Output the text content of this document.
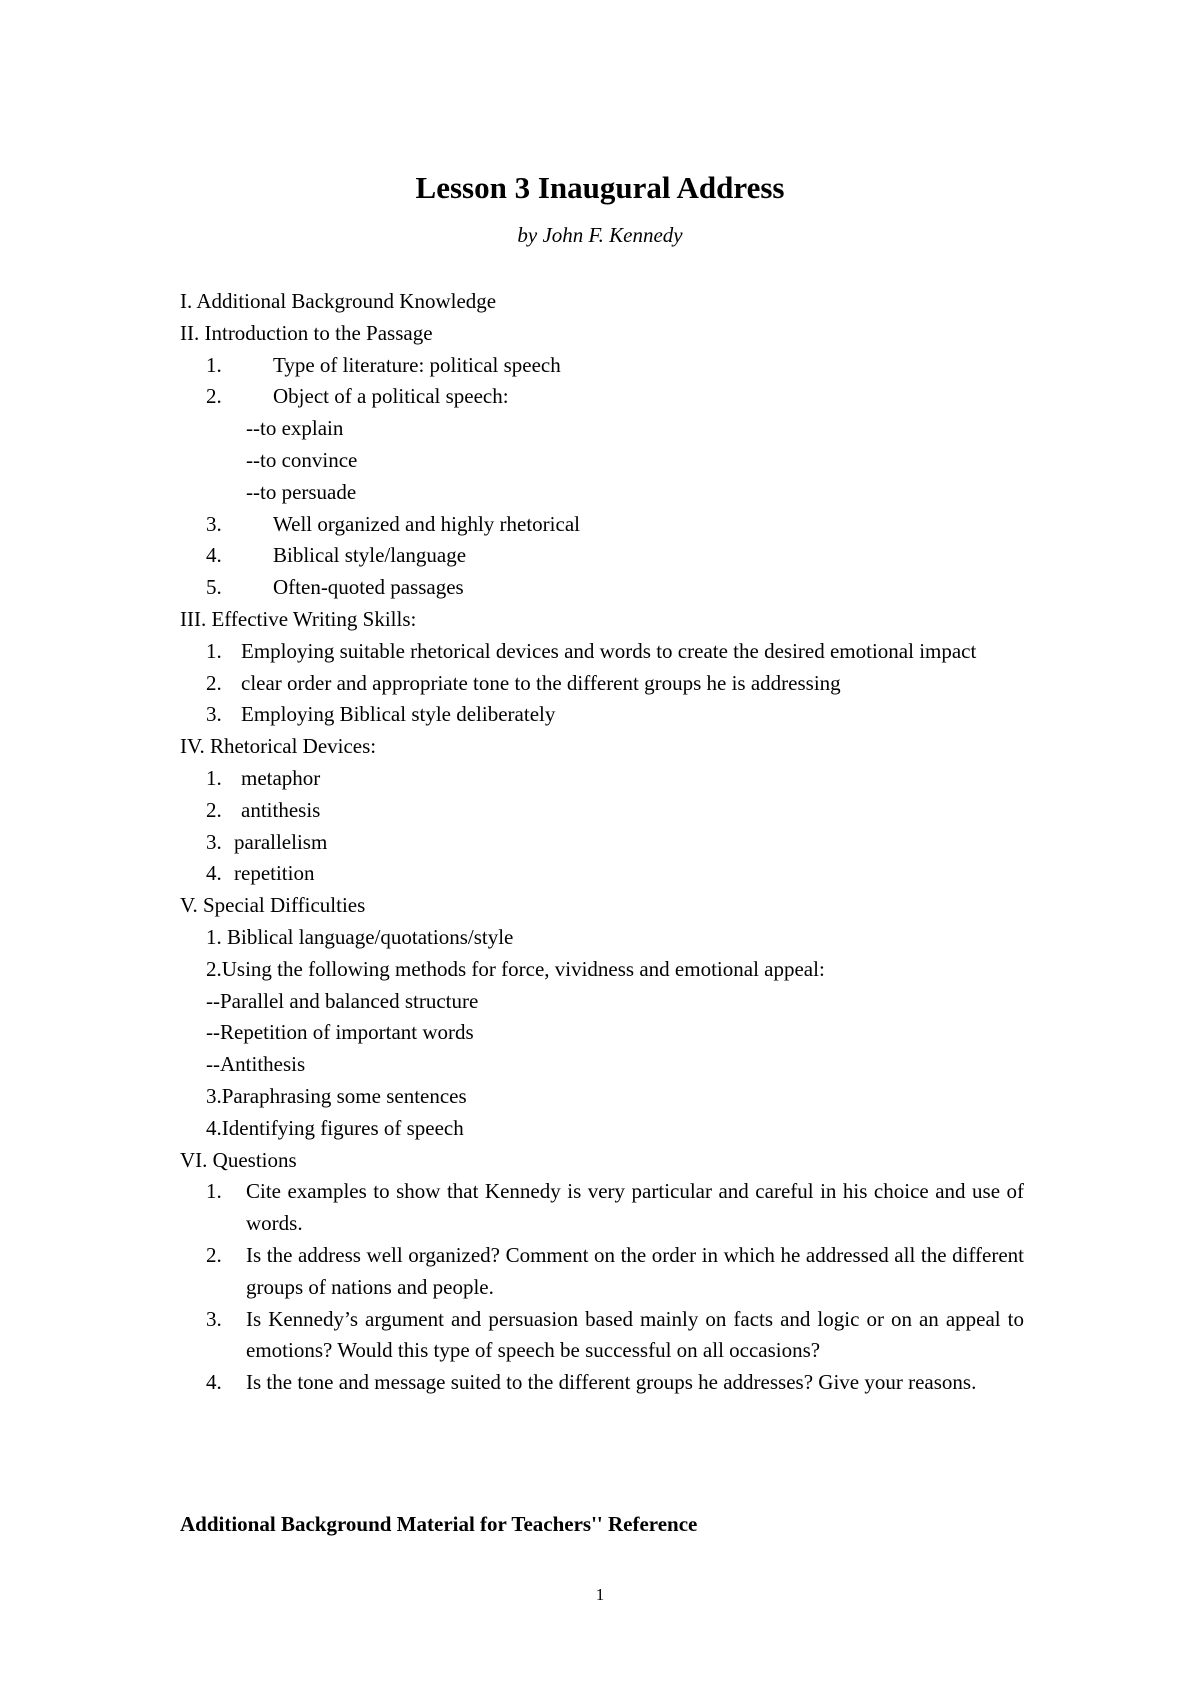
Lesson 3 Inaugural Address
by John F. Kennedy
I. Additional Background Knowledge
II. Introduction to the Passage
1.	Type of literature: political speech
2.	Object of a political speech:
--to explain
--to convince
--to persuade
3.	Well organized and highly rhetorical
4.	Biblical style/language
5.	Often-quoted passages
III. Effective Writing Skills:
1. Employing suitable rhetorical devices and words to create the desired emotional impact
2. clear order and appropriate tone to the different groups he is addressing
3. Employing Biblical style deliberately
IV. Rhetorical Devices:
1. metaphor
2. antithesis
3. parallelism
4. repetition
V. Special Difficulties
1. Biblical language/quotations/style
2.Using the following methods for force, vividness and emotional appeal:
--Parallel and balanced structure
--Repetition of important words
--Antithesis
3.Paraphrasing some sentences
4.Identifying figures of speech
VI. Questions
1.	Cite examples to show that Kennedy is very particular and careful in his choice and use of words.
2.	Is the address well organized? Comment on the order in which he addressed all the different groups of nations and people.
3.	Is Kennedy’s argument and persuasion based mainly on facts and logic or on an appeal to emotions? Would this type of speech be successful on all occasions?
4.	Is the tone and message suited to the different groups he addresses? Give your reasons.
Additional Background Material for Teachers'' Reference
1
